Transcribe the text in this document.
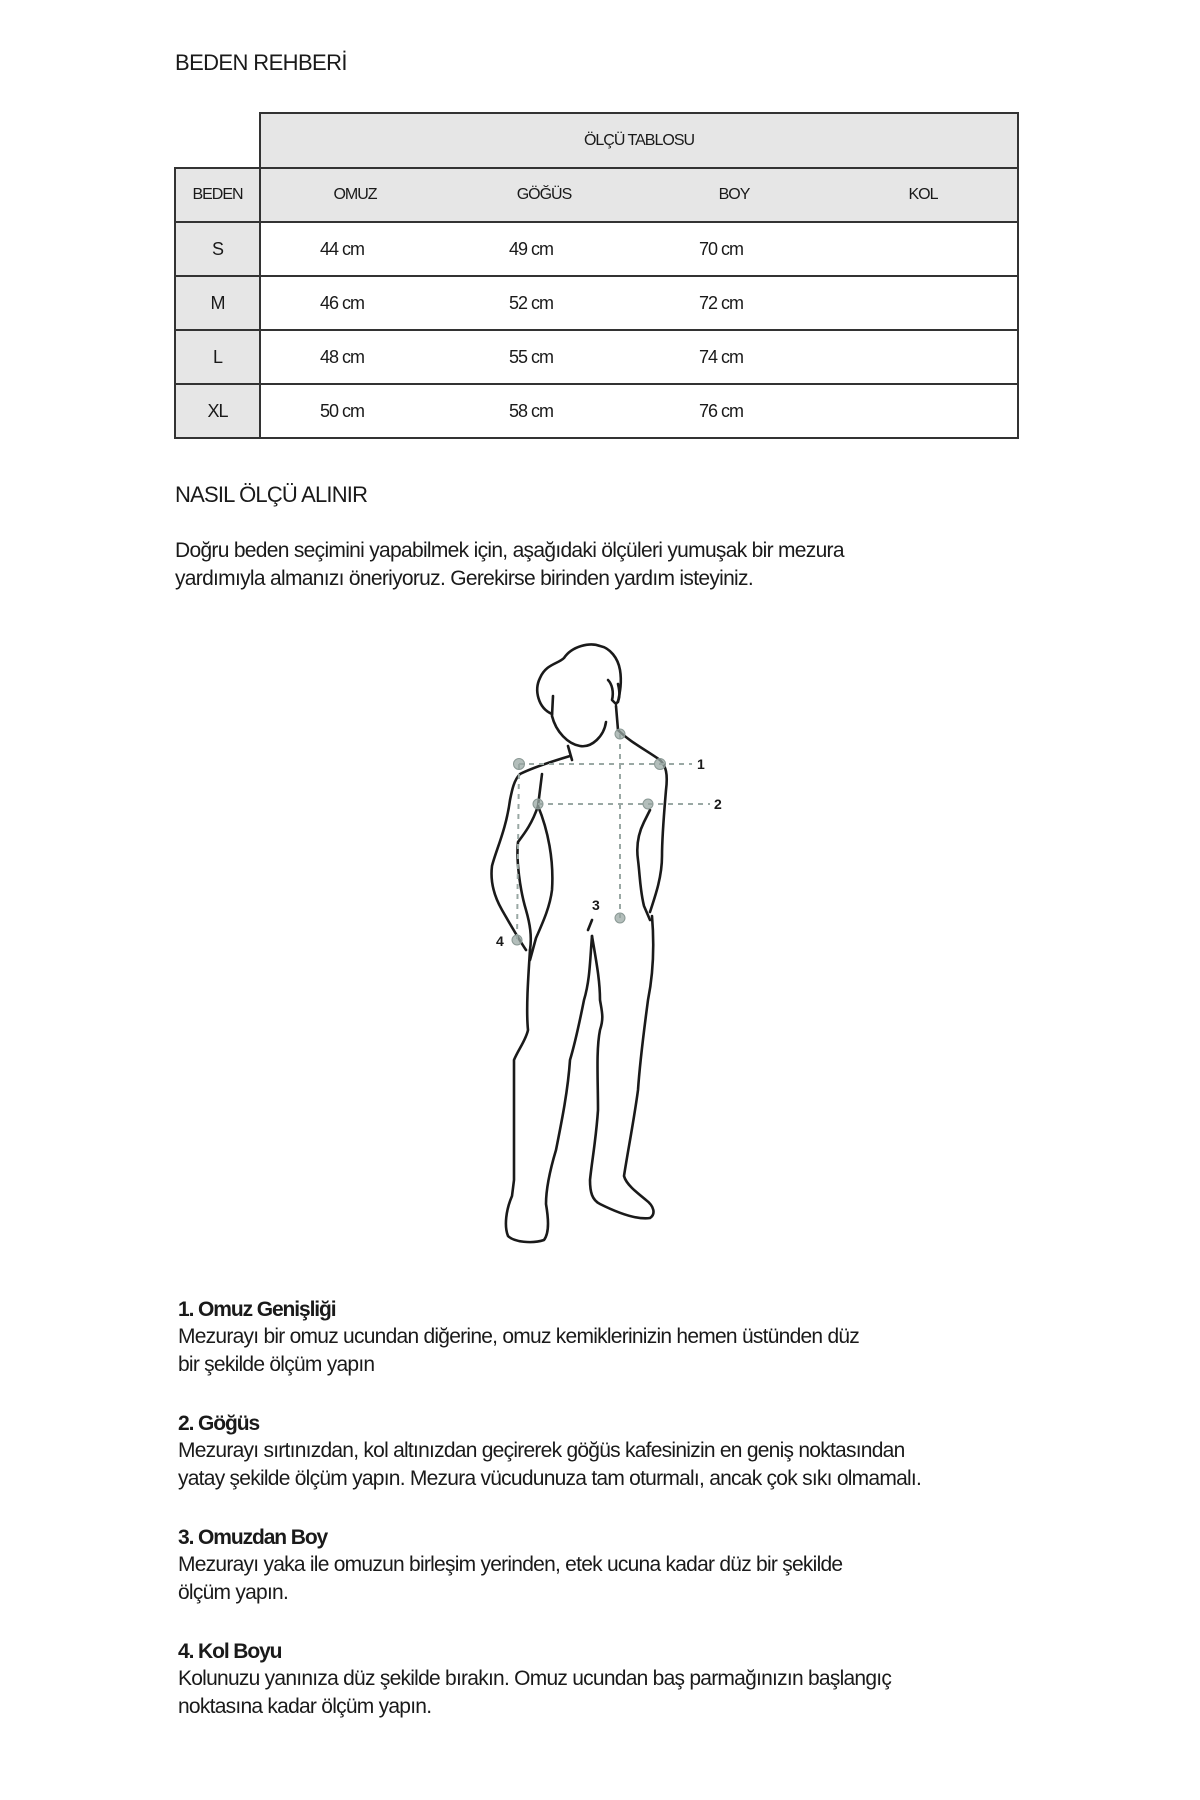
BEDEN REHBERİ
ÖLÇÜ TABLOSU
BEDEN	OMUZ	GÖĞÜS	BOY	KOL
S	44 cm	49 cm	70 cm
M	46 cm	52 cm	72 cm
L	48 cm	55 cm	74 cm
XL	50 cm	58 cm	76 cm
NASIL ÖLÇÜ ALINIR
Doğru beden seçimini yapabilmek için, aşağıdaki ölçüleri yumuşak bir mezura
yardımıyla almanızı öneriyoruz. Gerekirse birinden yardım isteyiniz.
1
2
3
4
1. Omuz Genişliği
Mezurayı bir omuz ucundan diğerine, omuz kemiklerinizin hemen üstünden düz
bir şekilde ölçüm yapın
2. Göğüs
Mezurayı sırtınızdan, kol altınızdan geçirerek göğüs kafesinizin en geniş noktasından
yatay şekilde ölçüm yapın. Mezura vücudunuza tam oturmalı, ancak çok sıkı olmamalı.
3. Omuzdan Boy
Mezurayı yaka ile omuzun birleşim yerinden, etek ucuna kadar düz bir şekilde
ölçüm yapın.
4. Kol Boyu
Kolunuzu yanınıza düz şekilde bırakın. Omuz ucundan baş parmağınızın başlangıç
noktasına kadar ölçüm yapın.
